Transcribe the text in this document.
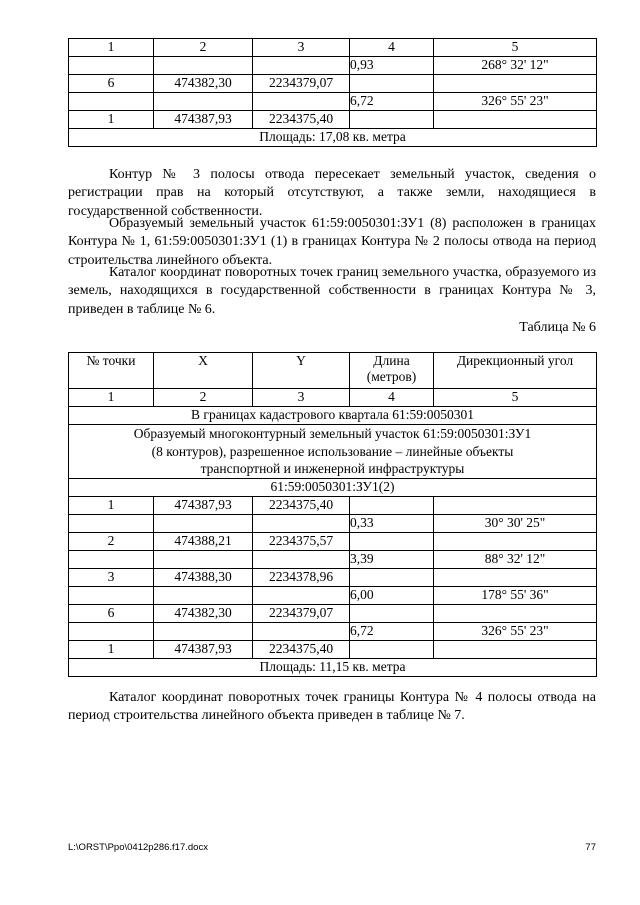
1	2	3	4	5
			0,93	268° 32' 12"
6	474382,30	2234379,07		
			6,72	326° 55' 23"
1	474387,93	2234375,40		
Площадь: 17,08 кв. метра				

Контур № 3 полосы отвода пересекает земельный участок, сведения о регистрации прав на который отсутствуют, а также земли, находящиеся в государственной собственности.

Образуемый земельный участок 61:59:0050301:ЗУ1 (8) расположен в границах Контура № 1, 61:59:0050301:ЗУ1 (1) в границах Контура № 2 полосы отвода на период строительства линейного объекта.

Каталог координат поворотных точек границ земельного участка, образуемого из земель, находящихся в государственной собственности в границах Контура № 3, приведен в таблице № 6.

Таблица № 6
№ точки	X	Y	Длина (метров)	Дирекционный угол
1	2	3	4	5
В границах кадастрового квартала 61:59:0050301				

Образуемый многоконтурный земельный участок 61:59:0050301:ЗУ1
(8 контуров), разрешенное использование – линейные объекты
транспортной и инженерной инфраструктуры				

61:59:0050301:ЗУ1(2)				
1	474387,93	2234375,40		
			0,33	30° 30' 25"
2	474388,21	2234375,57		
			3,39	88° 32' 12"
3	474388,30	2234378,96		
			6,00	178° 55' 36"
6	474382,30	2234379,07		
			6,72	326° 55' 23"
1	474387,93	2234375,40		
Площадь: 11,15 кв. метра				

Каталог координат поворотных точек границы Контура № 4 полосы отвода на период строительства линейного объекта приведен в таблице № 7.

L:\ORST\Ppo\0412p286.f17.docx	77
